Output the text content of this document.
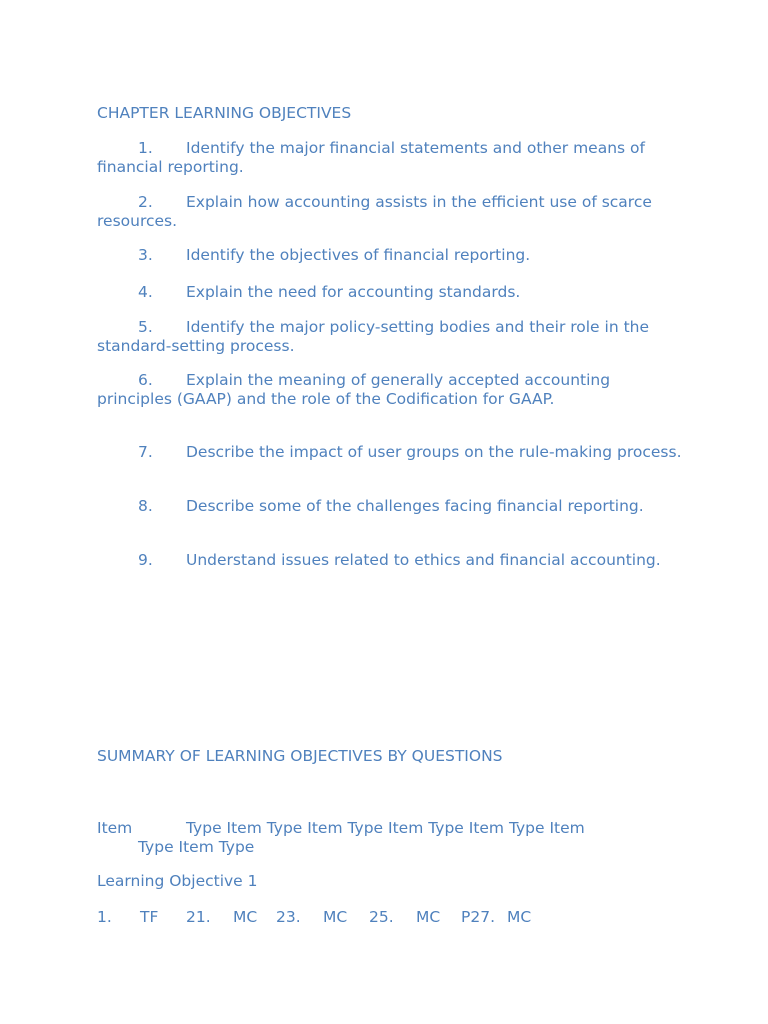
CHAPTER LEARNING OBJECTIVES

1. Identify the major financial statements and other means of financial reporting.

2. Explain how accounting assists in the efficient use of scarce resources.

3. Identify the objectives of financial reporting.

4. Explain the need for accounting standards.

5. Identify the major policy-setting bodies and their role in the standard-setting process.

6. Explain the meaning of generally accepted accounting principles (GAAP) and the role of the Codification for GAAP.

7. Describe the impact of user groups on the rule-making process.

8. Describe some of the challenges facing financial reporting.

9. Understand issues related to ethics and financial accounting.

SUMMARY OF LEARNING OBJECTIVES BY QUESTIONS
Item	Type Item Type Item Type Item Type Item Type Item
Type Item Type

Learning Objective 1

1. TF 21. MC 23. MC 25. MC P27. MC
